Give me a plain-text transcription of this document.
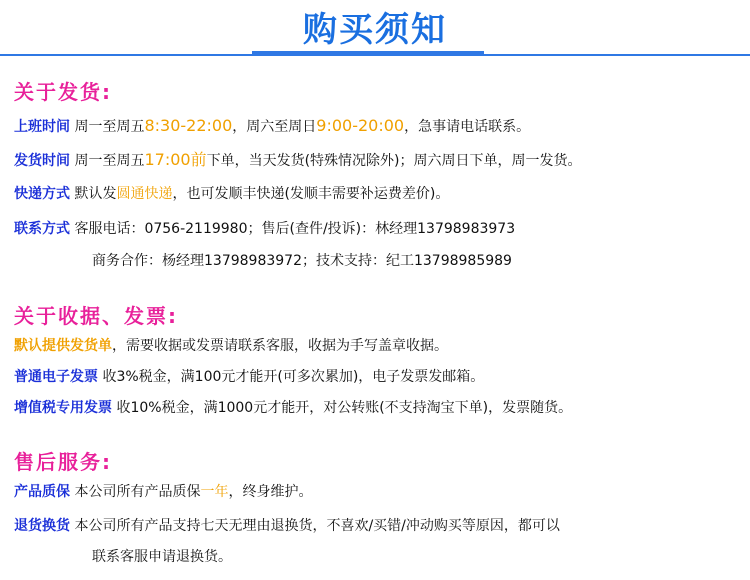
购买须知
关于发货:
上班时间 周一至周五8:30-22:00，周六至周日9:00-20:00，急事请电话联系。
发货时间 周一至周五17:00前下单，当天发货(特殊情况除外)；周六周日下单，周一发货。
快递方式 默认发圆通快递，也可发顺丰快递(发顺丰需要补运费差价)。
联系方式 客服电话：0756-2119980；售后(查件/投诉)：林经理13798983973
商务合作：杨经理13798983972；技术支持：纪工13798985989
关于收据、发票:
默认提供发货单，需要收据或发票请联系客服，收据为手写盖章收据。
普通电子发票 收3%税金，满100元才能开(可多次累加)，电子发票发邮箱。
增值税专用发票 收10%税金，满1000元才能开，对公转账(不支持淘宝下单)，发票随货。
售后服务:
产品质保 本公司所有产品质保一年，终身维护。
退货换货 本公司所有产品支持七天无理由退换货，不喜欢/买错/冲动购买等原因，都可以
联系客服申请退换货。
